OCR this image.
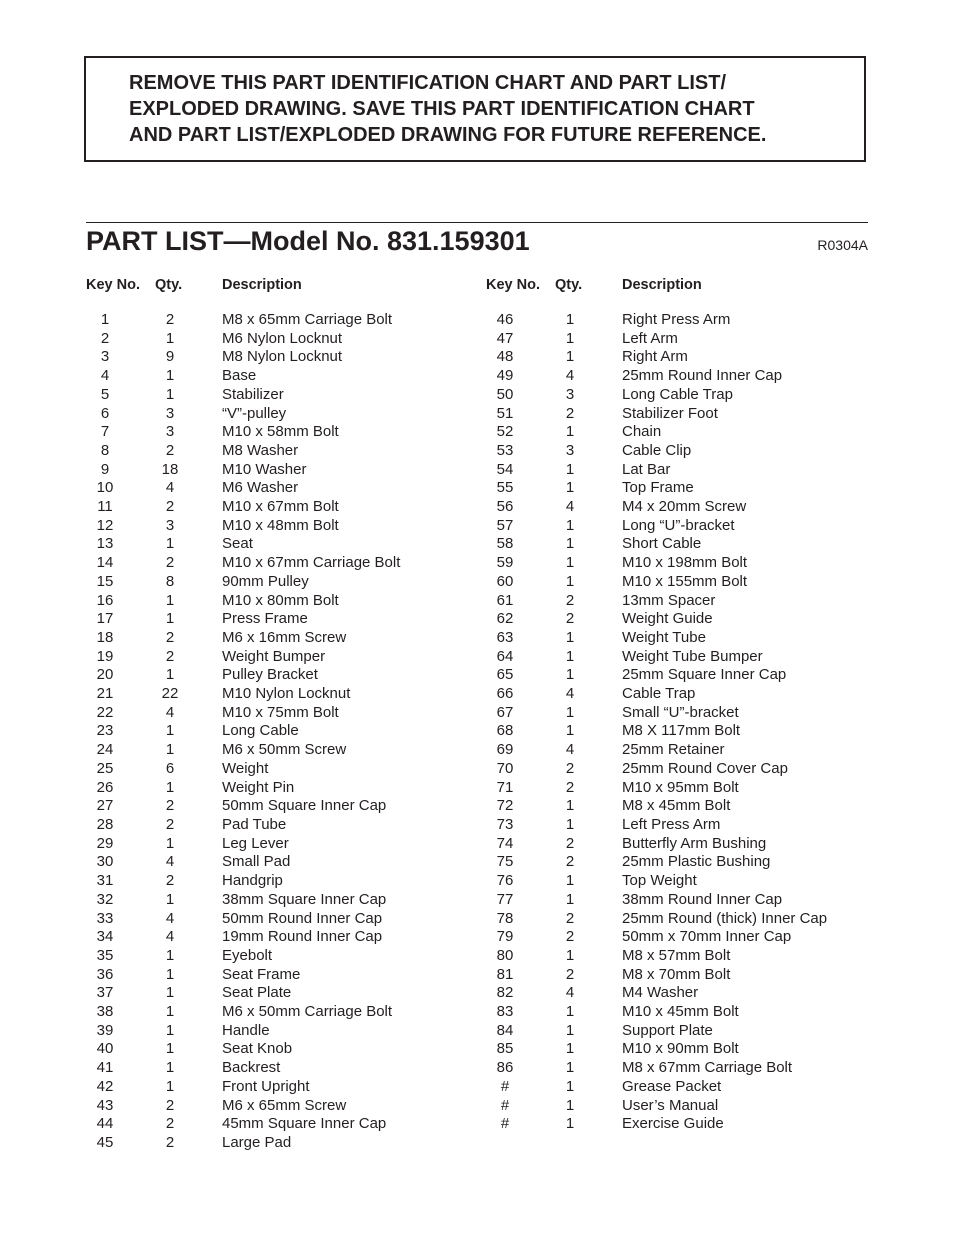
REMOVE THIS PART IDENTIFICATION CHART AND PART LIST/
EXPLODED DRAWING. SAVE THIS PART IDENTIFICATION CHART
AND PART LIST/EXPLODED DRAWING FOR FUTURE REFERENCE.

PART LIST—Model No. 831.159301	R0304A
Key No. Qty.	Description
1	2	M8 x 65mm Carriage Bolt
2	1	M6 Nylon Locknut
3	9	M8 Nylon Locknut
4	1	Base
5	1	Stabilizer
6	3	“V”-pulley
7	3	M10 x 58mm Bolt
8	2	M8 Washer
9	18	M10 Washer
10	4	M6 Washer
11	2	M10 x 67mm Bolt
12	3	M10 x 48mm Bolt
13	1	Seat
14	2	M10 x 67mm Carriage Bolt
15	8	90mm Pulley
16	1	M10 x 80mm Bolt
17	1	Press Frame
18	2	M6 x 16mm Screw
19	2	Weight Bumper
20	1	Pulley Bracket
21	22	M10 Nylon Locknut
22	4	M10 x 75mm Bolt
23	1	Long Cable
24	1	M6 x 50mm Screw
25	6	Weight
26	1	Weight Pin
27	2	50mm Square Inner Cap
28	2	Pad Tube
29	1	Leg Lever
30	4	Small Pad
31	2	Handgrip
32	1	38mm Square Inner Cap
33	4	50mm Round Inner Cap
34	4	19mm Round Inner Cap
35	1	Eyebolt
36	1	Seat Frame
37	1	Seat Plate
38	1	M6 x 50mm Carriage Bolt
39	1	Handle
40	1	Seat Knob
41	1	Backrest
42	1	Front Upright
43	2	M6 x 65mm Screw
44	2	45mm Square Inner Cap
45	2	Large Pad
Key No. Qty.	Description
46	1	Right Press Arm
47	1	Left Arm
48	1	Right Arm
49	4	25mm Round Inner Cap
50	3	Long Cable Trap
51	2	Stabilizer Foot
52	1	Chain
53	3	Cable Clip
54	1	Lat Bar
55	1	Top Frame
56	4	M4 x 20mm Screw
57	1	Long “U”-bracket
58	1	Short Cable
59	1	M10 x 198mm Bolt
60	1	M10 x 155mm Bolt
61	2	13mm Spacer
62	2	Weight Guide
63	1	Weight Tube
64	1	Weight Tube Bumper
65	1	25mm Square Inner Cap
66	4	Cable Trap
67	1	Small “U”-bracket
68	1	M8 X 117mm Bolt
69	4	25mm Retainer
70	2	25mm Round Cover Cap
71	2	M10 x 95mm Bolt
72	1	M8 x 45mm Bolt
73	1	Left Press Arm
74	2	Butterfly Arm Bushing
75	2	25mm Plastic Bushing
76	1	Top Weight
77	1	38mm Round Inner Cap
78	2	25mm Round (thick) Inner Cap
79	2	50mm x 70mm Inner Cap
80	1	M8 x 57mm Bolt
81	2	M8 x 70mm Bolt
82	4	M4 Washer
83	1	M10 x 45mm Bolt
84	1	Support Plate
85	1	M10 x 90mm Bolt
86	1	M8 x 67mm Carriage Bolt
#	1	Grease Packet
#	1	User’s Manual
#	1	Exercise Guide
